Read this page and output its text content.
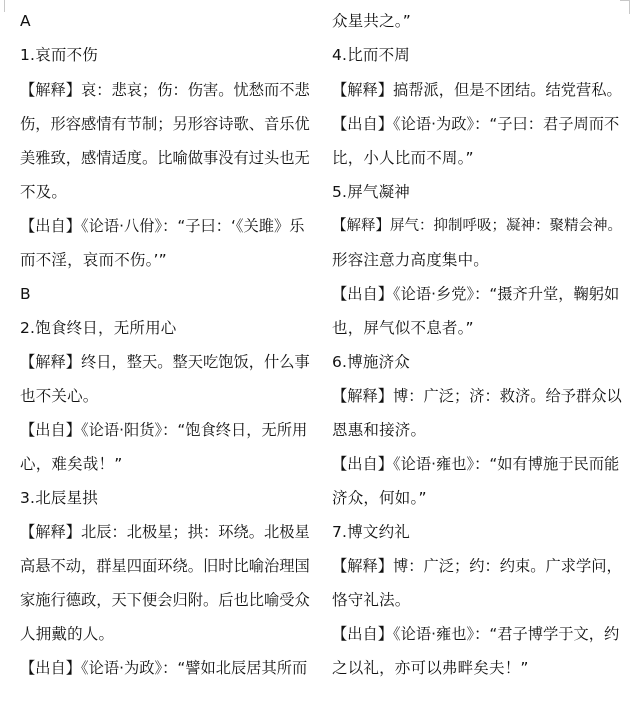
A
1.哀而不伤
【解释】哀：悲哀；伤：伤害。忧愁而不悲
伤，形容感情有节制；另形容诗歌、音乐优
美雅致，感情适度。比喻做事没有过头也无
不及。
【出自】《论语·八佾》：“子曰：‘《关雎》乐
而不淫，哀而不伤。’”
B
2.饱食终日，无所用心
【解释】终日，整天。整天吃饱饭，什么事
也不关心。
【出自】《论语·阳货》：“饱食终日，无所用
心，难矣哉！”
3.北辰星拱
【解释】北辰：北极星；拱：环绕。北极星
高悬不动，群星四面环绕。旧时比喻治理国
家施行德政，天下便会归附。后也比喻受众
人拥戴的人。
【出自】《论语·为政》：“譬如北辰居其所而
众星共之。”
4.比而不周
【解释】搞帮派，但是不团结。结党营私。
【出自】《论语·为政》：“子曰：君子周而不
比，小人比而不周。”
5.屏气凝神
【解释】屏气：抑制呼吸；凝神：聚精会神。
形容注意力高度集中。
【出自】《论语·乡党》：“摄齐升堂，鞠躬如
也，屏气似不息者。”
6.博施济众
【解释】博：广泛；济：救济。给予群众以
恩惠和接济。
【出自】《论语·雍也》：“如有博施于民而能
济众，何如。”
7.博文约礼
【解释】博：广泛；约：约束。广求学问，
恪守礼法。
【出自】《论语·雍也》：“君子博学于文，约
之以礼，亦可以弗畔矣夫！”
